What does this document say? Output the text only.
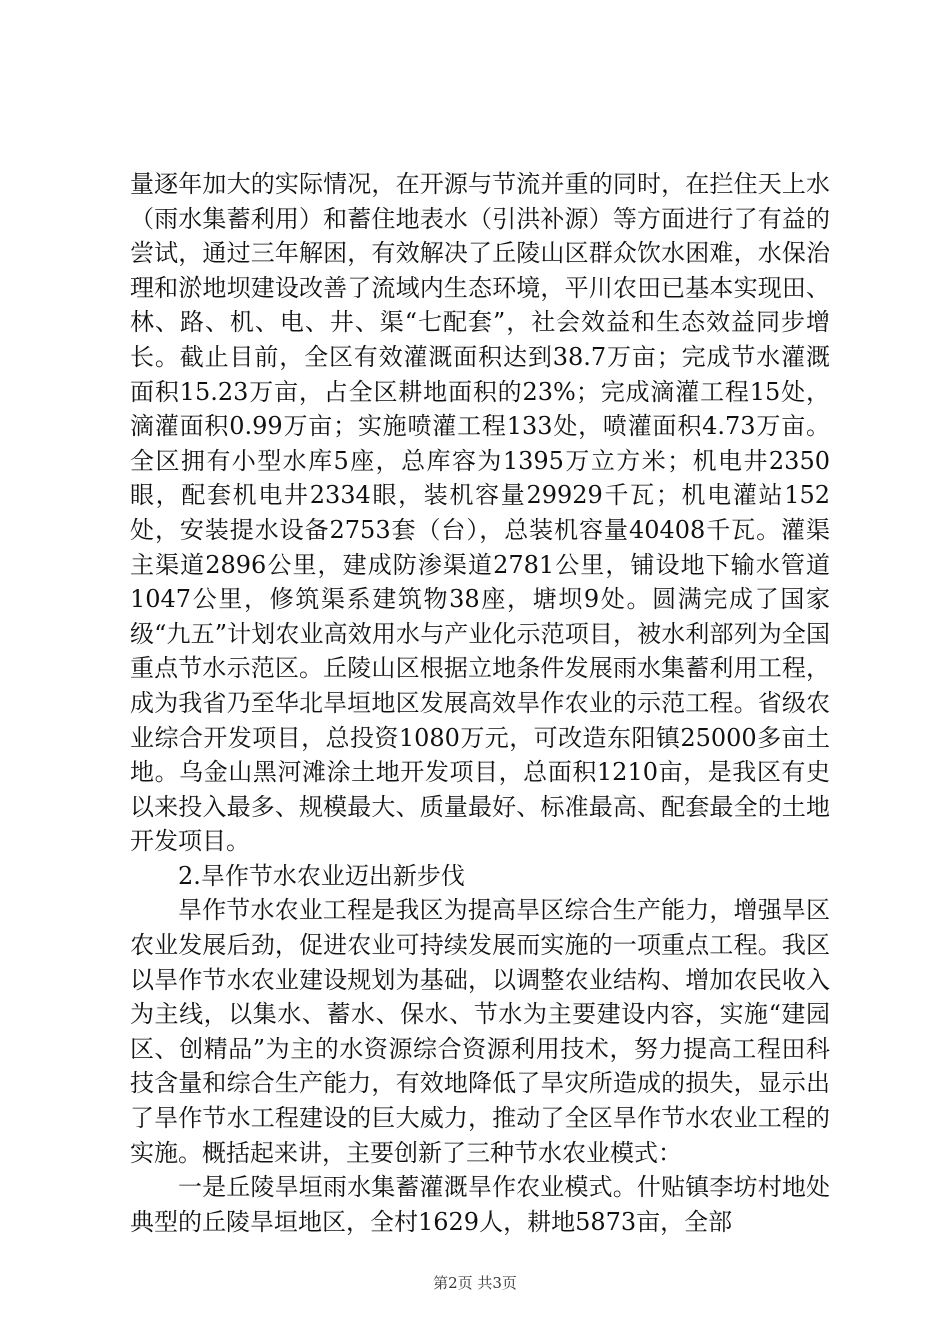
量逐年加大的实际情况，在开源与节流并重的同时，在拦住天上水（雨水集蓄利用）和蓄住地表水（引洪补源）等方面进行了有益的尝试，通过三年解困，有效解决了丘陵山区群众饮水困难，水保治理和淤地坝建设改善了流域内生态环境，平川农田已基本实现田、林、路、机、电、井、渠“七配套”，社会效益和生态效益同步增长。截止目前，全区有效灌溉面积达到38.7万亩；完成节水灌溉面积15.23万亩，占全区耕地面积的23%；完成滴灌工程15处，滴灌面积0.99万亩；实施喷灌工程133处，喷灌面积4.73万亩。全区拥有小型水库5座，总库容为1395万立方米；机电井2350眼，配套机电井2334眼，装机容量29929千瓦；机电灌站152处，安装提水设备2753套（台），总装机容量40408千瓦。灌渠主渠道2896公里，建成防渗渠道2781公里，铺设地下输水管道1047公里，修筑渠系建筑物38座，塘坝9处。圆满完成了国家级“九五”计划农业高效用水与产业化示范项目，被水利部列为全国重点节水示范区。丘陵山区根据立地条件发展雨水集蓄利用工程，成为我省乃至华北旱垣地区发展高效旱作农业的示范工程。省级农业综合开发项目，总投资1080万元，可改造东阳镇25000多亩土地。乌金山黑河滩涂土地开发项目，总面积1210亩，是我区有史以来投入最多、规模最大、质量最好、标准最高、配套最全的土地开发项目。

2.旱作节水农业迈出新步伐

旱作节水农业工程是我区为提高旱区综合生产能力，增强旱区农业发展后劲，促进农业可持续发展而实施的一项重点工程。我区以旱作节水农业建设规划为基础，以调整农业结构、增加农民收入为主线，以集水、蓄水、保水、节水为主要建设内容，实施“建园区、创精品”为主的水资源综合资源利用技术，努力提高工程田科技含量和综合生产能力，有效地降低了旱灾所造成的损失，显示出了旱作节水工程建设的巨大威力，推动了全区旱作节水农业工程的实施。概括起来讲，主要创新了三种节水农业模式：

一是丘陵旱垣雨水集蓄灌溉旱作农业模式。什贴镇李坊村地处典型的丘陵旱垣地区，全村1629人，耕地5873亩，全部

第2页 共3页
